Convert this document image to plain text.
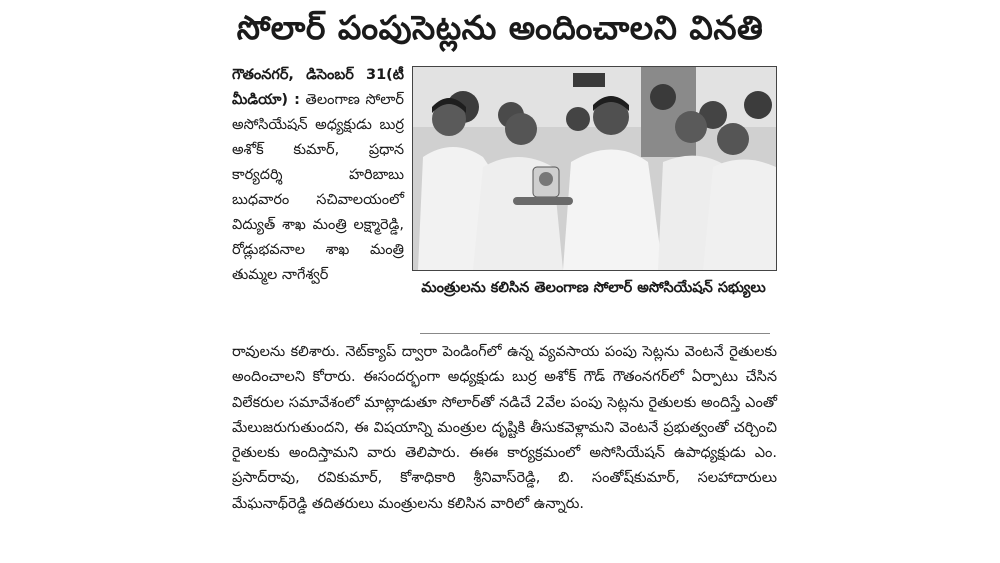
సోలార్ పంపుసెట్లను అందించాలని వినతి
గౌతంనగర్, డిసెంబర్ 31(టీ మీడియా) : తెలంగాణ సోలార్ అసోసియేషన్ అధ్యక్షుడు బుర్ర అశోక్ కుమార్, ప్రధాన కార్యదర్శి హరిబాబు బుధవారం సచివాలయంలో విద్యుత్ శాఖ మంత్రి లక్ష్మారెడ్డి, రోడ్లుభవనాల శాఖ మంత్రి తుమ్మల నాగేశ్వర్
మంత్రులను కలిసిన తెలంగాణ సోలార్ అసోసియేషన్ సభ్యులు
రావులను కలిశారు. నెట్‌క్యాప్ ద్వారా పెండింగ్‌లో ఉన్న వ్యవసాయ పంపు సెట్లను వెంటనే రైతులకు అందించాలని కోరారు. ఈసందర్భంగా అధ్యక్షుడు బుర్ర అశోక్ గౌడ్ గౌతంనగర్‌లో ఏర్పాటు చేసిన విలేకరుల సమావేశంలో మాట్లాడుతూ సోలార్‌తో నడిచే 2వేల పంపు సెట్లను రైతులకు అందిస్తే ఎంతో మేలుజరుగుతుందని, ఈ విషయాన్ని మంత్రుల దృష్టికి తీసుకవెళ్లామని వెంటనే ప్రభుత్వంతో చర్చించి రైతులకు అందిస్తామని వారు తెలిపారు. ఈఈ కార్యక్రమంలో అసోసియేషన్ ఉపాధ్యక్షుడు ఎం. ప్రసాద్‌రావు, రవికుమార్, కోశాధికారి శ్రీనివాస్‌రెడ్డి, బి. సంతోష్‌కుమార్, సలహాదారులు మేఘనాథ్‌రెడ్డి తదితరులు మంత్రులను కలిసిన వారిలో ఉన్నారు.
